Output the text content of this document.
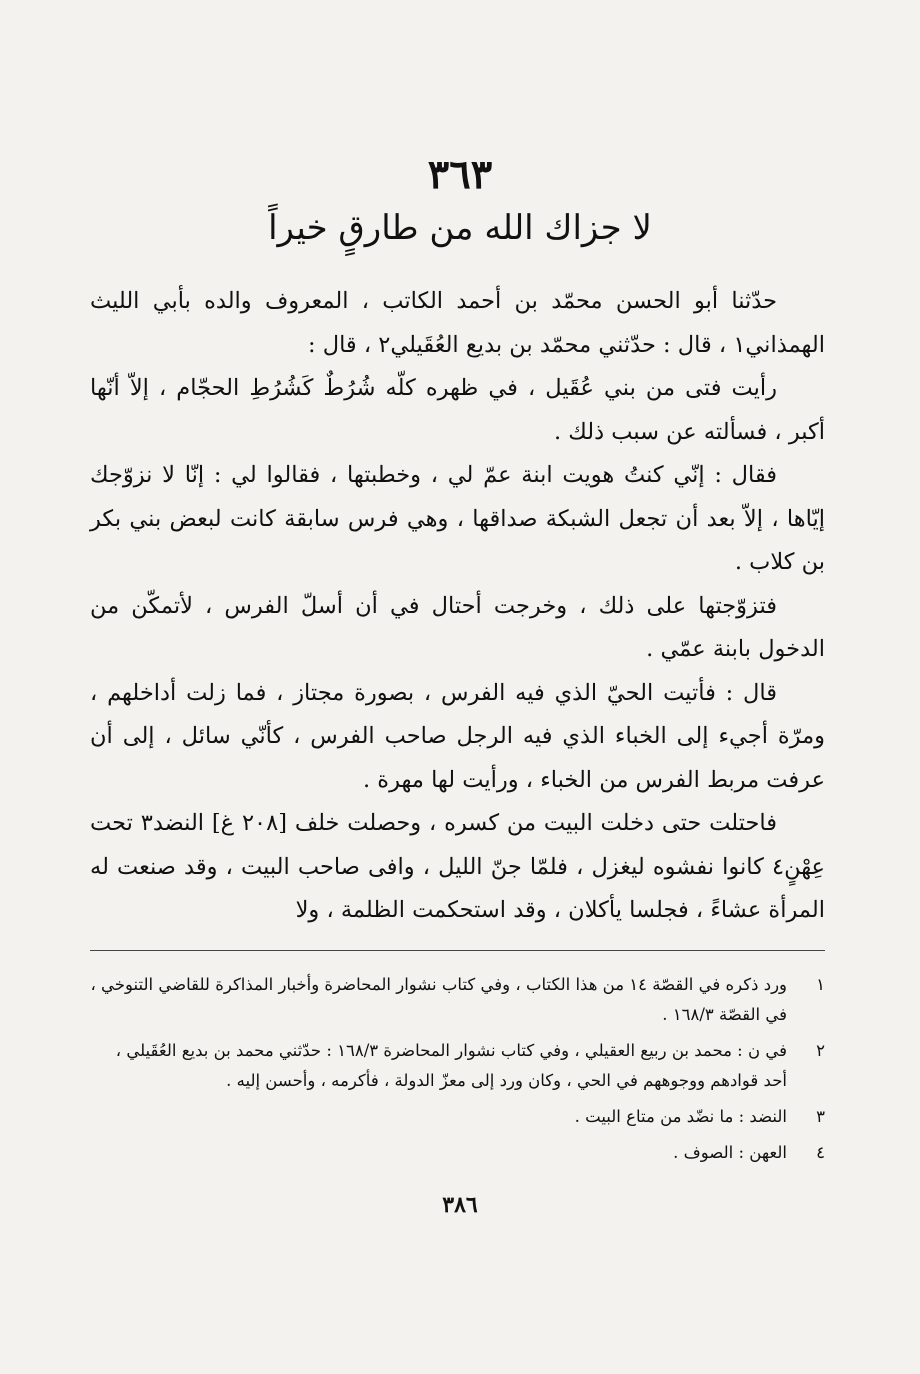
٣٦٣
لا جزاك الله من طارقٍ خيراً

حدّثنا أبو الحسن محمّد بن أحمد الكاتب ، المعروف والده بأبي الليث الهمذاني١ ، قال : حدّثني محمّد بن بديع العُقَيلي٢ ، قال :

رأيت فتى من بني عُقَيل ، في ظهره كلّه شُرُطٌ كَشُرُطِ الحجّام ، إلاّ أنّها أكبر ، فسألته عن سبب ذلك .

فقال : إنّي كنتُ هويت ابنة عمّ لي ، وخطبتها ، فقالوا لي : إنّا لا نزوّجك إيّاها ، إلاّ بعد أن تجعل الشبكة صداقها ، وهي فرس سابقة كانت لبعض بني بكر بن كلاب .

فتزوّجتها على ذلك ، وخرجت أحتال في أن أسلّ الفرس ، لأتمكّن من الدخول بابنة عمّي .

قال : فأتيت الحيّ الذي فيه الفرس ، بصورة مجتاز ، فما زلت أداخلهم ، ومرّة أجيء إلى الخباء الذي فيه الرجل صاحب الفرس ، كأنّي سائل ، إلى أن عرفت مربط الفرس من الخباء ، ورأيت لها مهرة .

فاحتلت حتى دخلت البيت من كسره ، وحصلت خلف [٢٠٨ غ] النضد٣ تحت عِهْنٍ٤ كانوا نفشوه ليغزل ، فلمّا جنّ الليل ، وافى صاحب البيت ، وقد صنعت له المرأة عشاءً ، فجلسا يأكلان ، وقد استحكمت الظلمة ، ولا

١
ورد ذكره في القصّة ١٤ من هذا الكتاب ، وفي كتاب نشوار المحاضرة وأخبار المذاكرة للقاضي التنوخي ،
في القصّة ١٦٨/٣ .
٢
في ن : محمد بن ربيع العقيلي ، وفي كتاب نشوار المحاضرة ١٦٨/٣ : حدّثني محمد بن بديع العُقَيلي ،
أحد قوادهم ووجوههم في الحي ، وكان ورد إلى معزّ الدولة ، فأكرمه ، وأحسن إليه .
٣
النضد : ما نضّد من متاع البيت .
٤
العهن : الصوف .
٣٨٦
